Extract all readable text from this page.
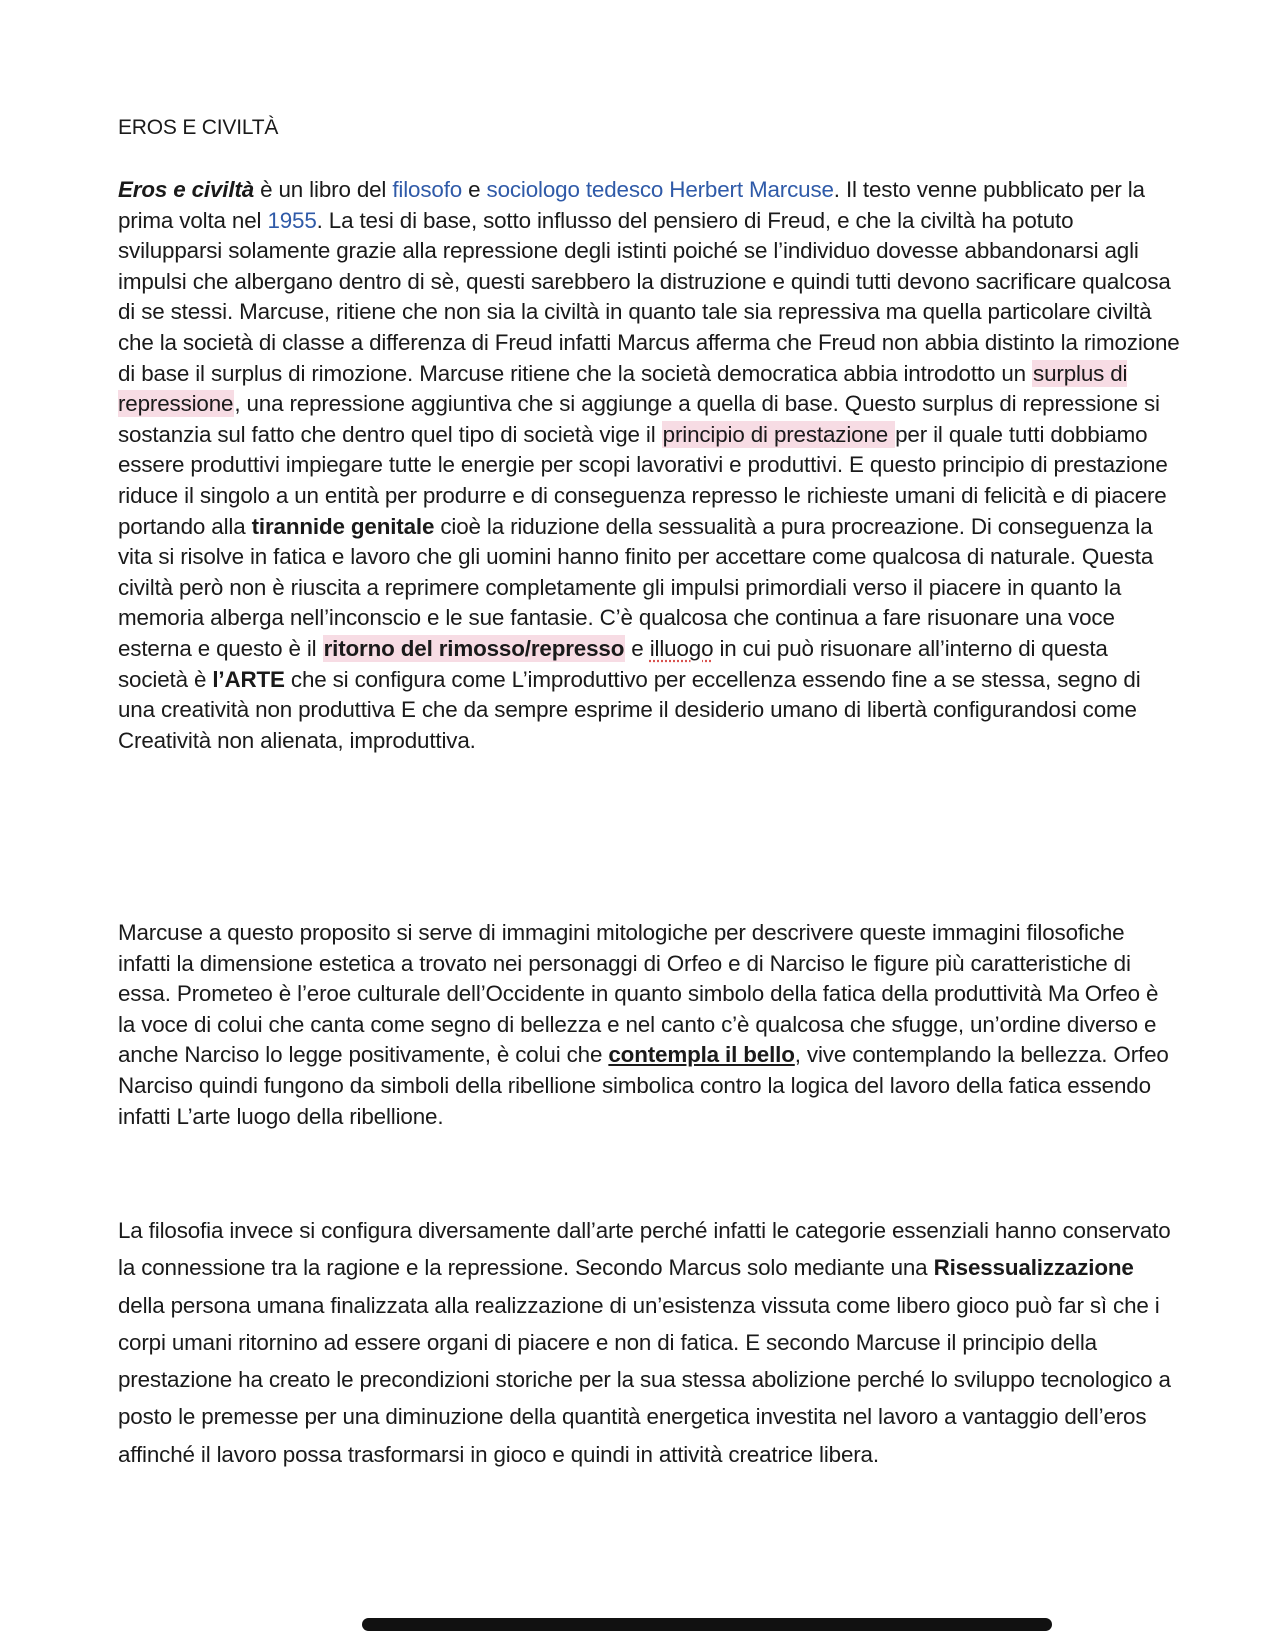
EROS E CIVILTÀ

Eros e civiltà è un libro del filosofo e sociologo tedesco Herbert Marcuse. Il testo venne pubblicato per la prima volta nel 1955. La tesi di base, sotto influsso del pensiero di Freud, e che la civiltà ha potuto svilupparsi solamente grazie alla repressione degli istinti poiché se l’individuo dovesse abbandonarsi agli impulsi che albergano dentro di sè, questi sarebbero la distruzione e quindi tutti devono sacrificare qualcosa di se stessi. Marcuse, ritiene che non sia la civiltà in quanto tale sia repressiva ma quella particolare civiltà che la società di classe a differenza di Freud infatti Marcus afferma che Freud non abbia distinto la rimozione di base il surplus di rimozione. Marcuse ritiene che la società democratica abbia introdotto un surplus di repressione, una repressione aggiuntiva che si aggiunge a quella di base. Questo surplus di repressione si sostanzia sul fatto che dentro quel tipo di società vige il principio di prestazione per il quale tutti dobbiamo essere produttivi impiegare tutte le energie per scopi lavorativi e produttivi. E questo principio di prestazione riduce il singolo a un entità per produrre e di conseguenza represso le richieste umani di felicità e di piacere portando alla tirannide genitale cioè la riduzione della sessualità a pura procreazione. Di conseguenza la vita si risolve in fatica e lavoro che gli uomini hanno finito per accettare come qualcosa di naturale. Questa civiltà però non è riuscita a reprimere completamente gli impulsi primordiali verso il piacere in quanto la memoria alberga nell’inconscio e le sue fantasie. C’è qualcosa che continua a fare risuonare una voce esterna e questo è il ritorno del rimosso/represso e illuogo in cui può risuonare all’interno di questa società è l’ARTE che si configura come L’improduttivo per eccellenza essendo fine a se stessa, segno di una creatività non produttiva E che da sempre esprime il desiderio umano di libertà configurandosi come Creatività non alienata, improduttiva.

Marcuse a questo proposito si serve di immagini mitologiche per descrivere queste immagini filosofiche infatti la dimensione estetica a trovato nei personaggi di Orfeo e di Narciso le figure più caratteristiche di essa. Prometeo è l’eroe culturale dell’Occidente in quanto simbolo della fatica della produttività Ma Orfeo è la voce di colui che canta come segno di bellezza e nel canto c’è qualcosa che sfugge, un’ordine diverso e anche Narciso lo legge positivamente, è colui che contempla il bello, vive contemplando la bellezza. Orfeo Narciso quindi fungono da simboli della ribellione simbolica contro la logica del lavoro della fatica essendo infatti L’arte luogo della ribellione.

La filosofia invece si configura diversamente dall’arte perché infatti le categorie essenziali hanno conservato la connessione tra la ragione e la repressione. Secondo Marcus solo mediante una Risessualizzazione della persona umana finalizzata alla realizzazione di un’esistenza vissuta come libero gioco può far sì che i corpi umani ritornino ad essere organi di piacere e non di fatica. E secondo Marcuse il principio della prestazione ha creato le precondizioni storiche per la sua stessa abolizione perché lo sviluppo tecnologico a posto le premesse per una diminuzione della quantità energetica investita nel lavoro a vantaggio dell’eros affinché il lavoro possa trasformarsi in gioco e quindi in attività creatrice libera.
